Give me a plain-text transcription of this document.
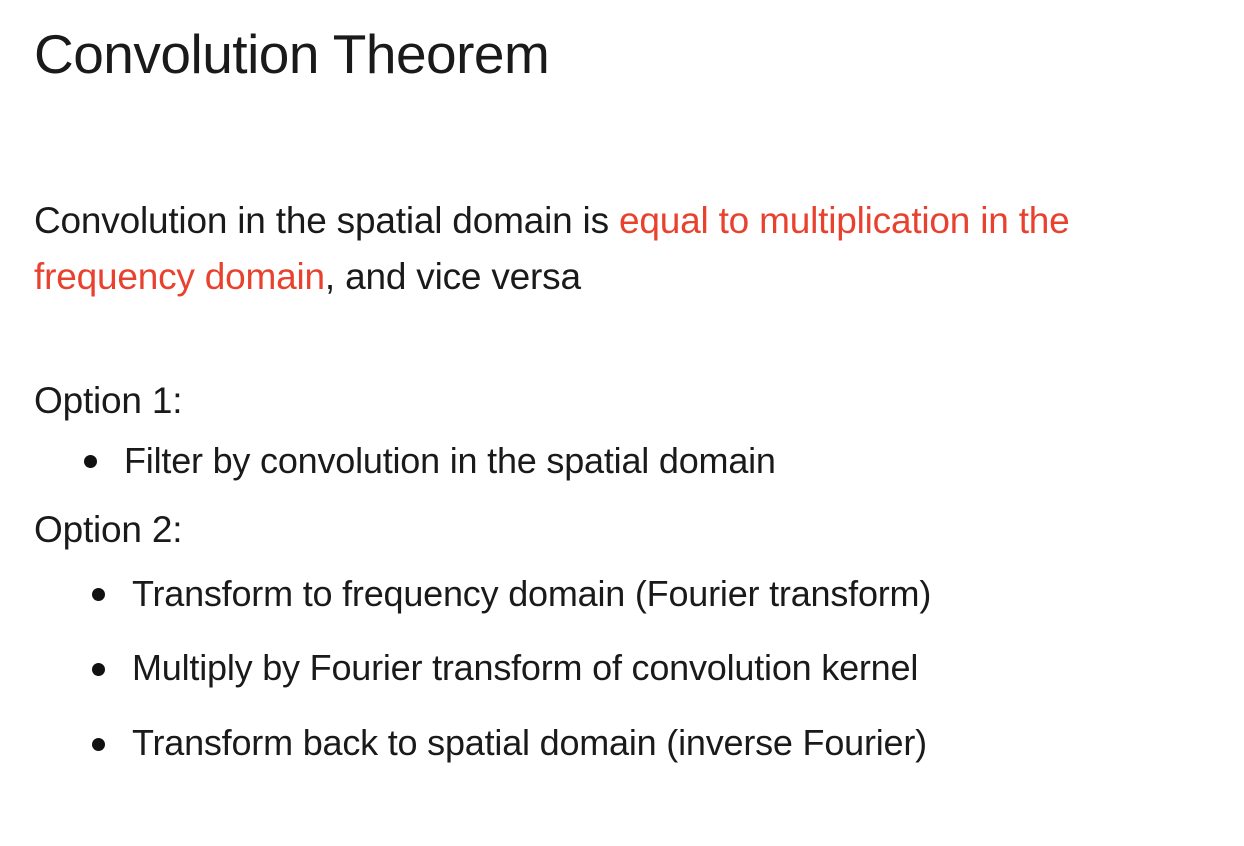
Convolution Theorem

Convolution in the spatial domain is equal to multiplication in the frequency domain, and vice versa

Option 1:
Filter by convolution in the spatial domain
Option 2:
Transform to frequency domain (Fourier transform)
Multiply by Fourier transform of convolution kernel
Transform back to spatial domain (inverse Fourier)
